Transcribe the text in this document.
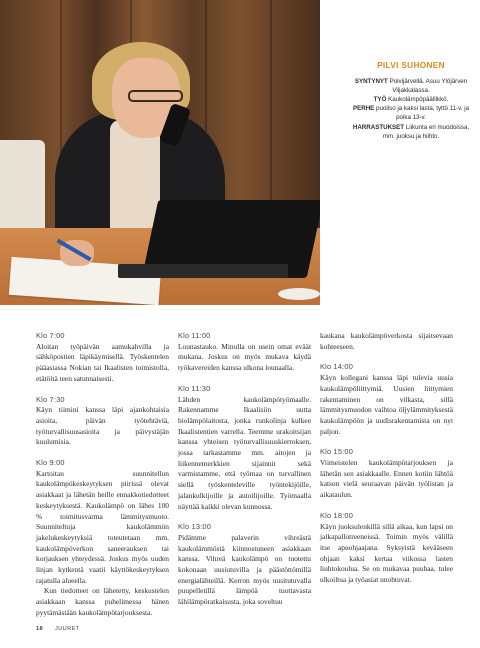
PILVI SUHONEN
SYNTYNYT Polvijärvellä. Asuu Ylöjärven Viljakkalassa.
TYÖ Kaukolämpöpäällikkö.
PERHE puoliso ja kaksi lasta, tyttö 11-v. ja poika 13-v.
HARRASTUKSET Liikunta eri muodoissa, mm. juoksu ja hiihto.
Klo 7:00
Aloitan työpäivän aamukahvilla ja sähköpostien läpikäymisellä. Työskentelen pääasiassa Nokian tai Ikaalisten toimistolla, etätöitä teen satunnaisesti.
Klo 7:30
Käyn tiimini kanssa läpi ajankohtaisia asioita, päivän työtehtäviä, työturvallisuusasioita ja päivystäjän kuulumisia.
Klo 9:00
Kartoitan suunnitellun kaukolämpökeskeytyksen piirissä olevat asiakkaat ja lähetän heille ennakkotiedotteet keskeytyksestä. Kaukolämpö on lähes 100 % toimitusvarma lämmitysmuoto. Suunniteltuja kaukolämmön jakelukeskeytyksiä toteutetaan mm. kaukolämpöverkon saneerauksen tai korjauksen yhteydessä. Joskus myös uuden linjan kytkentä vaatii käyttökeskeytyksen rajatulla alueella.
Kun tiedotteet on lähetetty, keskustelen asiakkaan kanssa puhelimessa hänen pyytämästään kaukolämpötarjouksesta.
Klo 11:00
Lounastauko. Minulla on usein omat eväät mukana. Joskus on myös mukava käydä työkavereiden kanssa ulkona lounaalla.
Klo 11:30
Lähden kaukolämpötyömaalle. Rakennamme Ikaalisiin uutta biolämpölaitosta, jonka runkolinja kulkee Ikaalistentien varrella. Teemme urakoitsijan kanssa yhteisen työturvallisuuskierroksen, jossa tarkastamme mm. aitojen ja liikennemerkkien sijainnit sekä varmistamme, että työmaa on turvallinen siellä työskenteleville työntekijöille, jalankulkijoille ja autoilijoille. Työmaalla näyttää kaikki olevan kunnossa.
Klo 13:00
Pidämme palaverin vihreästä kaukolämmöstä kiinnostuneen asiakkaan kanssa. Vihreä kaukolämpö on tuotettu kokonaan uusiutuvilla ja päästöttömillä energialähteillä. Kerron myös uusitutuvalla puupelletillä lämpöä tuottavasta lähilämpöratkaisusta, joka soveltuu
kaukana kaukolämpöverkosta sijaitsevaan kohteeseen.
Klo 14:00
Käyn kollegani kanssa läpi tulevia uusia kaukolämpöliittymiä. Uusien liittymien rakentaminen on vilkasta, sillä lämmitysmuodon vaihtoa öljylämmityksestä kaukolämpöön ja uudisrakentamista on nyt paljon.
Klo 15:00
Viimeistelen kaukolämpötarjouksen ja lähetän sen asiakkaalle. Ennen kotiin lähtöä katson vielä seuraavan päivän työlistan ja aikataulun.
Klo 18:00
Käyn juoksulenkillä sillä aikaa, kun lapsi on jalkapallotreeneissä. Toimin myös välillä itse apuohjaajana. Syksyistä kevääseen ohjaan kaksi kertaa viikossa lasten liuhtokoulua. Se on mukavaa puuhaa, tulee ulkoiltua ja työasiat unohtuvat.
18 JUURET
